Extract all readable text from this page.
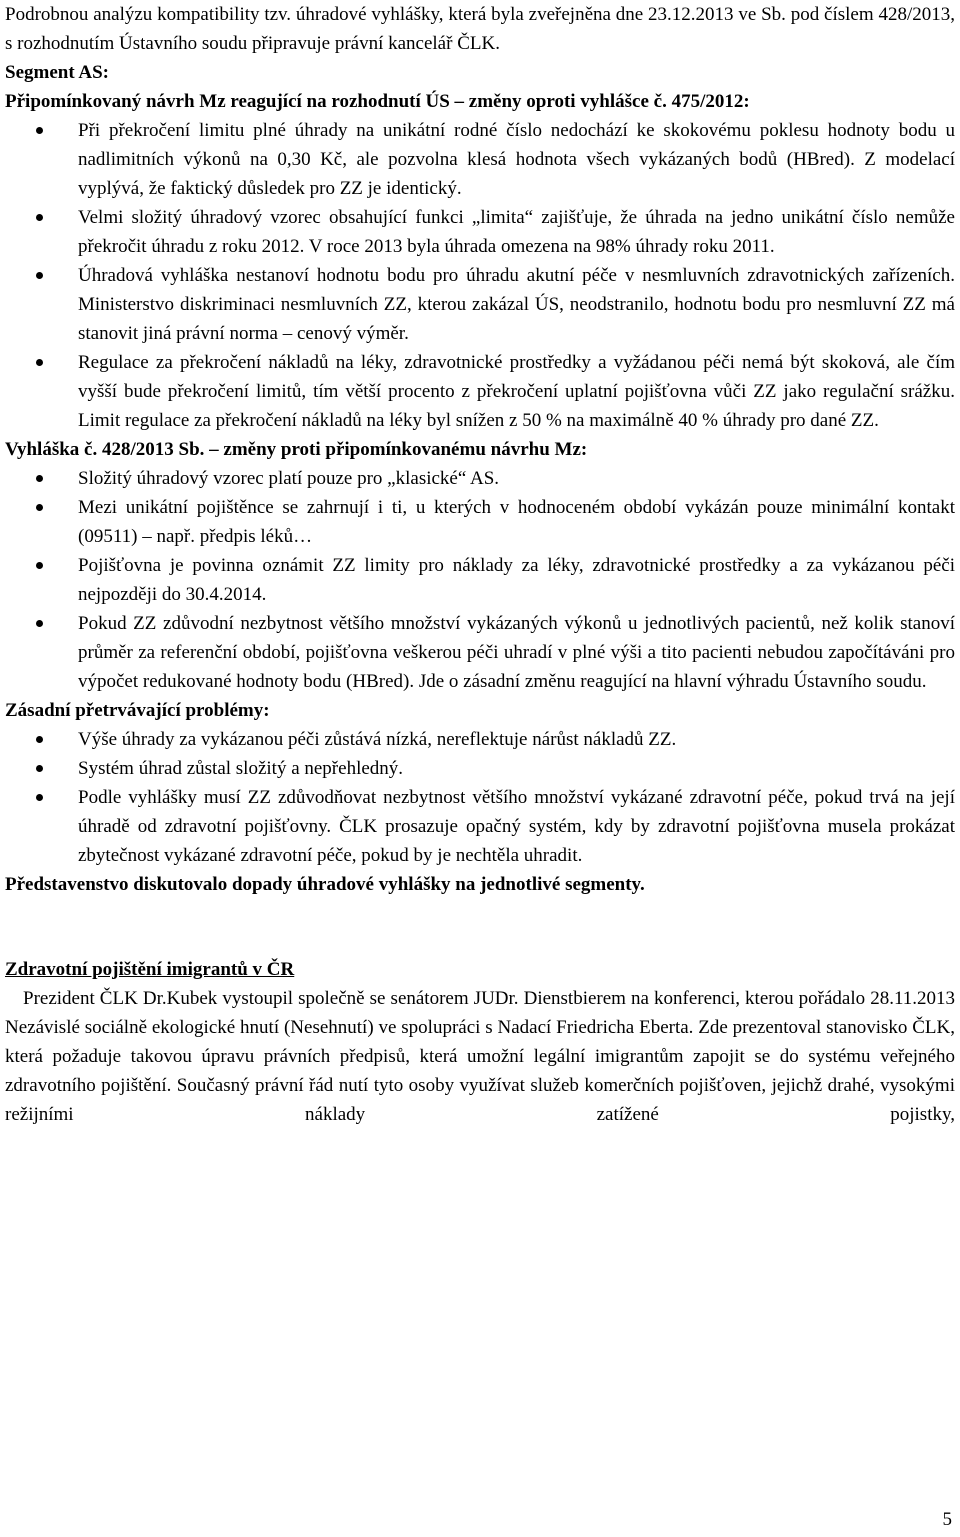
Podrobnou analýzu kompatibility tzv. úhradové vyhlášky, která byla zveřejněna dne 23.12.2013 ve Sb. pod číslem 428/2013, s rozhodnutím Ústavního soudu připravuje právní kancelář ČLK.

Segment AS:

Připomínkovaný návrh Mz reagující na rozhodnutí ÚS – změny oproti vyhlášce č. 475/2012:

Při překročení limitu plné úhrady na unikátní rodné číslo nedochází ke skokovému poklesu hodnoty bodu u nadlimitních výkonů na 0,30 Kč, ale pozvolna klesá hodnota všech vykázaných bodů (HBred). Z modelací vyplývá, že faktický důsledek pro ZZ je identický.
Velmi složitý úhradový vzorec obsahující funkci „limita“ zajišťuje, že úhrada na jedno unikátní číslo nemůže překročit úhradu z roku 2012. V roce 2013 byla úhrada omezena na 98% úhrady roku 2011.
Úhradová vyhláška nestanoví hodnotu bodu pro úhradu akutní péče v nesmluvních zdravotnických zařízeních. Ministerstvo diskriminaci nesmluvních ZZ, kterou zakázal ÚS, neodstranilo, hodnotu bodu pro nesmluvní ZZ má stanovit jiná právní norma – cenový výměr.
Regulace za překročení nákladů na léky, zdravotnické prostředky a vyžádanou péči nemá být skoková, ale čím vyšší bude překročení limitů, tím větší procento z překročení uplatní pojišťovna vůči ZZ jako regulační srážku. Limit regulace za překročení nákladů na léky byl snížen z 50 % na maximálně 40 % úhrady pro dané ZZ.

Vyhláška č. 428/2013 Sb. – změny proti připomínkovanému návrhu Mz:

Složitý úhradový vzorec platí pouze pro „klasické“ AS.
Mezi unikátní pojištěnce se zahrnují i ti, u kterých v hodnoceném období vykázán pouze minimální kontakt (09511) – např. předpis léků…
Pojišťovna je povinna oznámit ZZ limity pro náklady za léky, zdravotnické prostředky a za vykázanou péči nejpozději do 30.4.2014.
Pokud ZZ zdůvodní nezbytnost většího množství vykázaných výkonů u jednotlivých pacientů, než kolik stanoví průměr za referenční období, pojišťovna veškerou péči uhradí v plné výši a tito pacienti nebudou započítáváni pro výpočet redukované hodnoty bodu (HBred). Jde o zásadní změnu reagující na hlavní výhradu Ústavního soudu.

Zásadní přetrvávající problémy:

Výše úhrady za vykázanou péči zůstává nízká, nereflektuje nárůst nákladů ZZ.
Systém úhrad zůstal složitý a nepřehledný.
Podle vyhlášky musí ZZ zdůvodňovat nezbytnost většího množství vykázané zdravotní péče, pokud trvá na její úhradě od zdravotní pojišťovny. ČLK prosazuje opačný systém, kdy by zdravotní pojišťovna musela prokázat zbytečnost vykázané zdravotní péče, pokud by je nechtěla uhradit.

Představenstvo diskutovalo dopady úhradové vyhlášky na jednotlivé segmenty.

Zdravotní pojištění imigrantů v ČR

Prezident ČLK Dr.Kubek vystoupil společně se senátorem JUDr. Dienstbierem na konferenci, kterou pořádalo 28.11.2013 Nezávislé sociálně ekologické hnutí (Nesehnutí) ve spolupráci s Nadací Friedricha Eberta. Zde prezentoval stanovisko ČLK, která požaduje takovou úpravu právních předpisů, která umožní legální imigrantům zapojit se do systému veřejného zdravotního pojištění. Současný právní řád nutí tyto osoby využívat služeb komerčních pojišťoven, jejichž drahé, vysokými režijními náklady zatížené pojistky,

5
